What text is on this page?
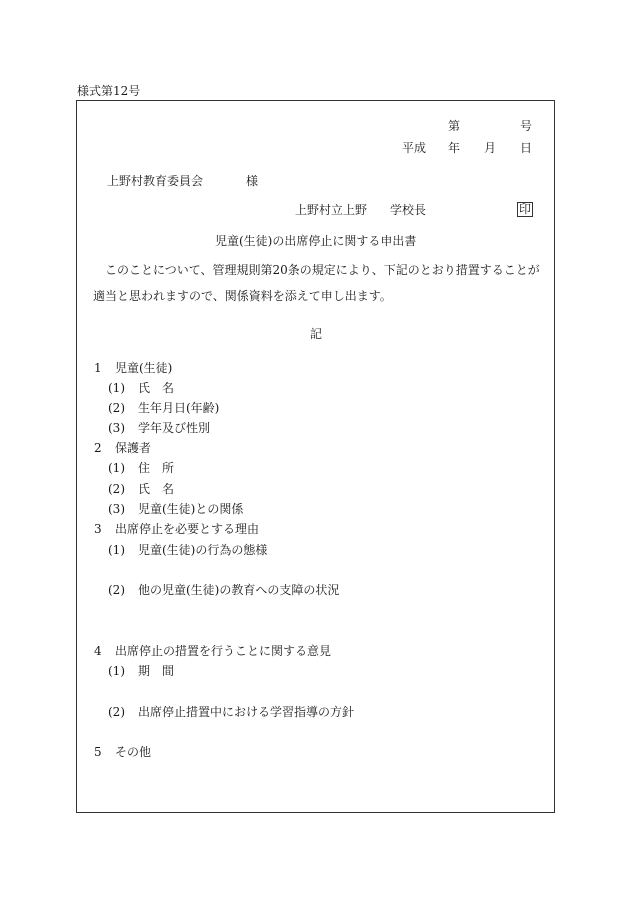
様式第12号
第	号
平成 年 月 日
上野村教育委員会	様
上野村立上野 学校長	印
児童(生徒)の出席停止に関する申出書
このことについて、管理規則第20条の規定により、下記のとおり措置することが適当と思われますので、関係資料を添えて申し出ます。
記
1 児童(生徒)
(1) 氏　名
(2) 生年月日(年齢)
(3) 学年及び性別
2 保護者
(1) 住　所
(2) 氏　名
(3) 児童(生徒)との関係
3 出席停止を必要とする理由
(1) 児童(生徒)の行為の態様
(2) 他の児童(生徒)の教育への支障の状況
4 出席停止の措置を行うことに関する意見
(1) 期　間
(2) 出席停止措置中における学習指導の方針
5 その他
